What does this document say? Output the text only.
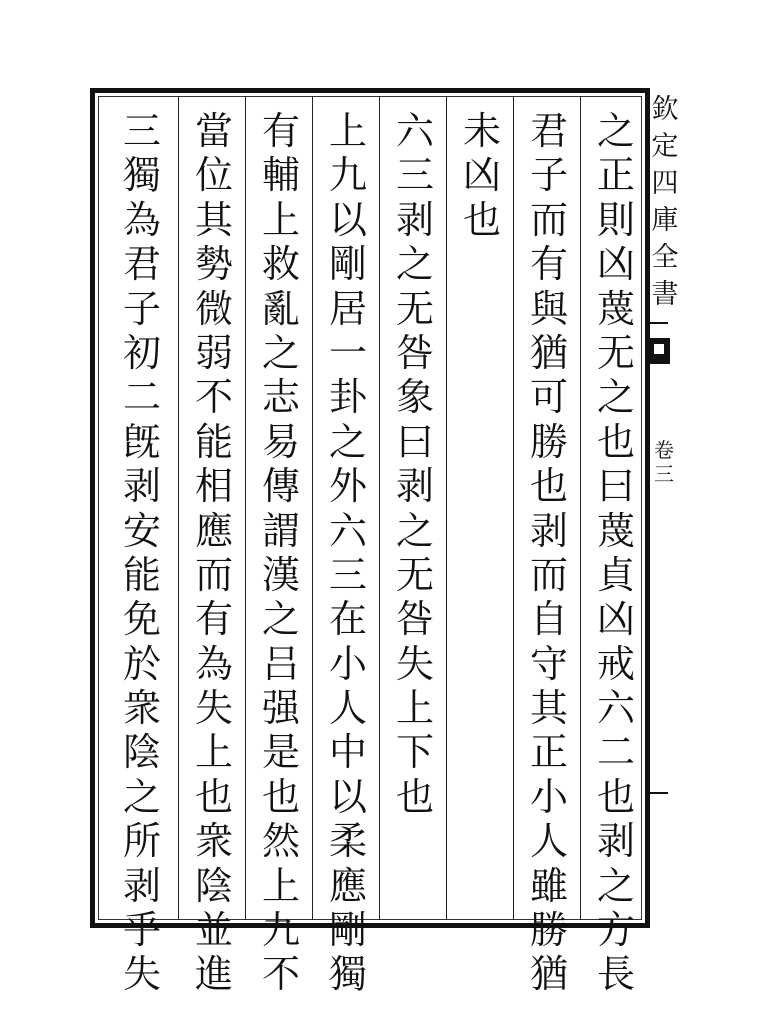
之
正
則
凶
蔑
无
之
也
曰
蔑
貞
凶
戒
六
二
也
剥
之
方
長
君
子
而
有
與
猶
可
勝
也
剥
而
自
守
其
正
小
人
雖
勝
猶
未
凶
也
六
三
剥
之
无
咎
象
曰
剥
之
无
咎
失
上
下
也
上
九
以
剛
居
一
卦
之
外
六
三
在
小
人
中
以
柔
應
剛
獨
有
輔
上
救
亂
之
志
易
傳
謂
漢
之
吕
强
是
也
然
上
九
不
當
位
其
勢
微
弱
不
能
相
應
而
有
為
失
上
也
衆
陰
並
進
三
獨
為
君
子
初
二
旣
剥
安
能
免
於
衆
陰
之
所
剥
乎
失
欽
定
四
庫
全
書
卷
三
